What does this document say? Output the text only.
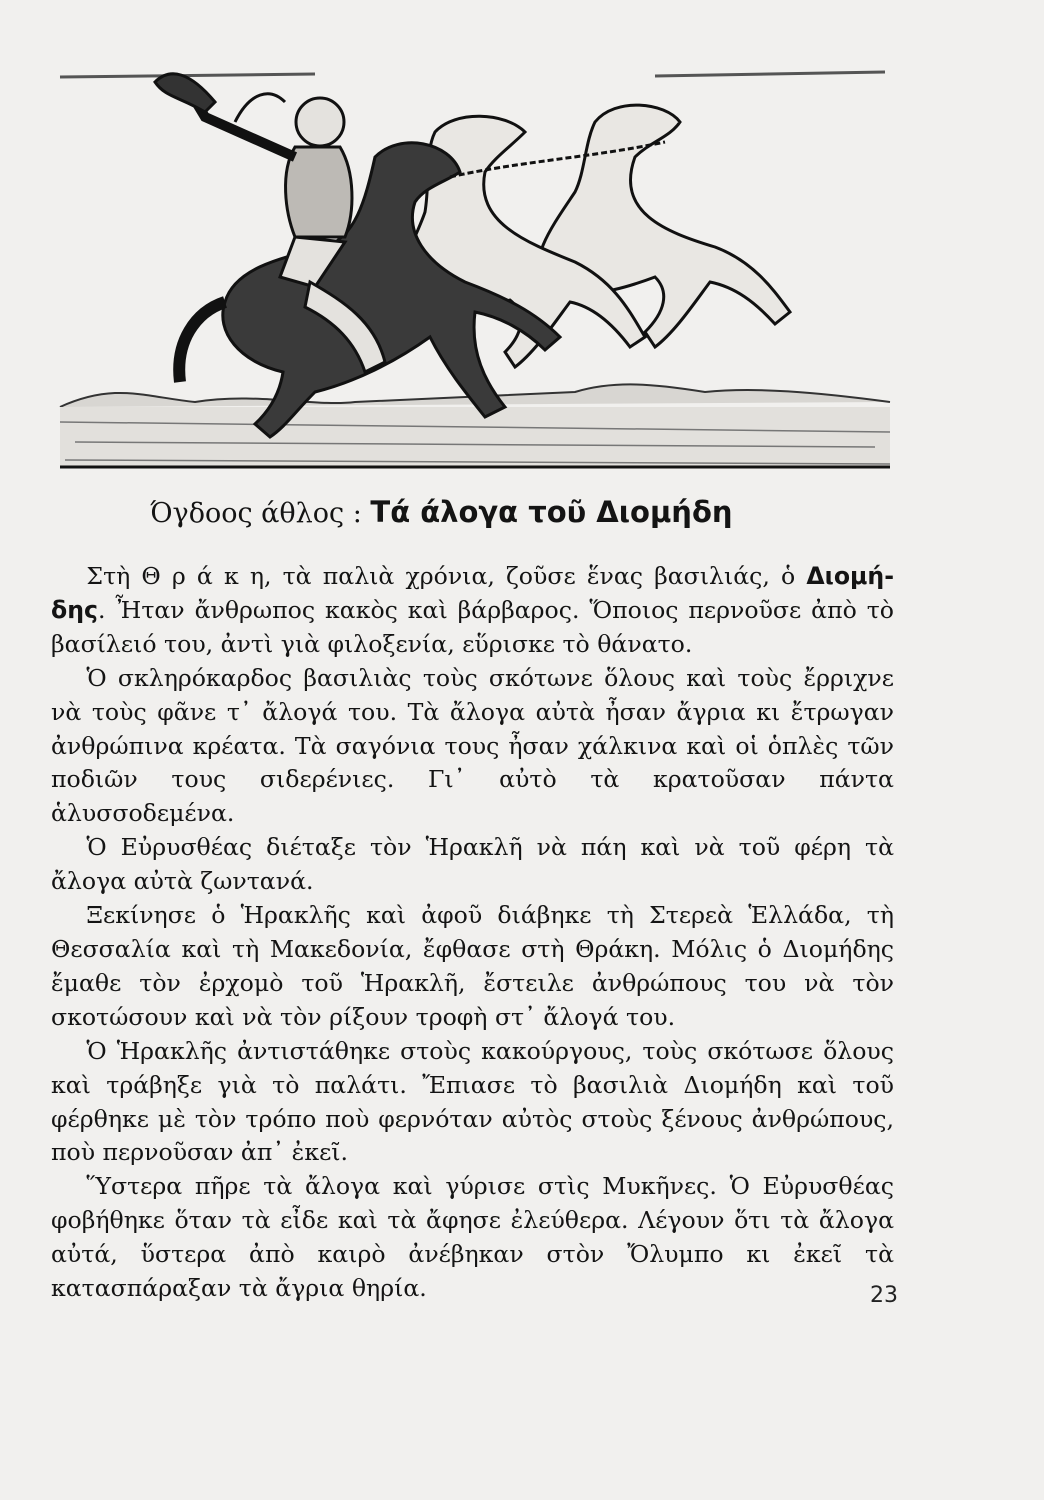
Όγδοος άθλος : Τά άλογα τοῦ Διομήδη

Στὴ Θ ρ ά κ η, τὰ παλιὰ χρόνια, ζοῦσε ἕνας βασιλιάς, ὁ Διομή-δης. Ἦταν ἄνθρωπος κακὸς καὶ βάρβαρος. Ὅποιος περνοῦσε ἀπὸ τὸ βασίλειό του, ἀντὶ γιὰ φιλοξενία, εὕρισκε τὸ θάνατο.

Ὁ σκληρόκαρδος βασιλιὰς τοὺς σκότωνε ὅλους καὶ τοὺς ἔρριχνε νὰ τοὺς φᾶνε τ᾽ ἄλογά του. Τὰ ἄλογα αὐτὰ ἦσαν ἄγρια κι ἔτρωγαν ἀνθρώπινα κρέατα. Τὰ σαγόνια τους ἦσαν χάλκινα καὶ οἱ ὁπλὲς τῶν ποδιῶν τους σιδερένιες. Γι᾽ αὐτὸ τὰ κρατοῦσαν πάντα ἁλυσσοδεμένα.

Ὁ Εὐρυσθέας διέταξε τὸν Ἡρακλῆ νὰ πάη καὶ νὰ τοῦ φέρη τὰ ἄλογα αὐτὰ ζωντανά.

Ξεκίνησε ὁ Ἡρακλῆς καὶ ἀφοῦ διάβηκε τὴ Στερεὰ Ἑλλάδα, τὴ Θεσσαλία καὶ τὴ Μακεδονία, ἔφθασε στὴ Θράκη. Μόλις ὁ Διομήδης ἔμαθε τὸν ἐρχομὸ τοῦ Ἡρακλῆ, ἔστειλε ἀνθρώπους του νὰ τὸν σκοτώσουν καὶ νὰ τὸν ρίξουν τροφὴ στ᾽ ἄλογά του.

Ὁ Ἡρακλῆς ἀντιστάθηκε στοὺς κακούργους, τοὺς σκότωσε ὅλους καὶ τράβηξε γιὰ τὸ παλάτι. Ἔπιασε τὸ βασιλιὰ Διομήδη καὶ τοῦ φέρθηκε μὲ τὸν τρόπο ποὺ φερνόταν αὐτὸς στοὺς ξένους ἀνθρώπους, ποὺ περνοῦσαν ἀπ᾽ ἐκεῖ.

Ὕστερα πῆρε τὰ ἄλογα καὶ γύρισε στὶς Μυκῆνες. Ὁ Εὐρυσθέας φοβήθηκε ὅταν τὰ εἶδε καὶ τὰ ἄφησε ἐλεύθερα. Λέγουν ὅτι τὰ ἄλογα αὐτά, ὕστερα ἀπὸ καιρὸ ἀνέβηκαν στὸν Ὄλυμπο κι ἐκεῖ τὰ κατασπάραξαν τὰ ἄγρια θηρία.	23
